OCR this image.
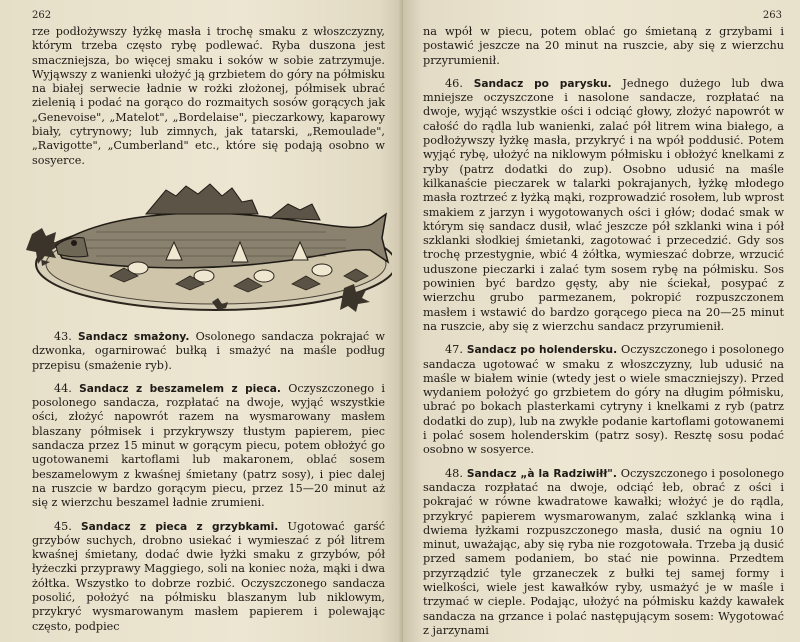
262

rze podłożywszy łyżkę masła i trochę smaku z włoszczyzny, którym trzeba często rybę podlewać. Ryba duszona jest smaczniejsza, bo więcej smaku i soków w sobie zatrzymuje. Wyjąwszy z wanienki ułożyć ją grzbietem do góry na półmisku na białej serwecie ładnie w rożki złożonej, półmisek ubrać zielenią i podać na gorąco do rozmaitych sosów gorących jak „Genevoise", „Matelot", „Bordelaise", pieczarkowy, kaparowy biały, cytrynowy; lub zimnych, jak tatarski, „Remoulade", „Ravigotte", „Cumberland" etc., które się podają osobno w sosyerce.

43. Sandacz smażony. Osolonego sandacza pokrajać w dzwonka, ogarnirować bułką i smażyć na maśle podług przepisu (smażenie ryb).

44. Sandacz z beszamelem z pieca. Oczyszczonego i posolonego sandacza, rozpłatać na dwoje, wyjąć wszystkie ości, złożyć napowrót razem na wysmarowany masłem blaszany półmisek i przykrywszy tłustym papierem, piec sandacza przez 15 minut w gorącym piecu, potem obłożyć go ugotowanemi kartoflami lub makaronem, oblać sosem beszamelowym z kwaśnej śmietany (patrz sosy), i piec dalej na ruszcie w bardzo gorącym piecu, przez 15—20 minut aż się z wierzchu beszamel ładnie zrumieni.

45. Sandacz z pieca z grzybkami. Ugotować garść grzybów suchych, drobno usiekać i wymieszać z pół litrem kwaśnej śmietany, dodać dwie łyżki smaku z grzybów, pół łyżeczki przyprawy Maggiego, soli na koniec noża, mąki i dwa żółtka. Wszystko to dobrze rozbić. Oczyszczonego sandacza posolić, położyć na półmisku blaszanym lub niklowym, przykryć wysmarowanym masłem papierem i polewając często, podpiec

263

na wpół w piecu, potem oblać go śmietaną z grzybami i postawić jeszcze na 20 minut na ruszcie, aby się z wierzchu przyrumienił.

46. Sandacz po parysku. Jednego dużego lub dwa mniejsze oczyszczone i nasolone sandacze, rozpłatać na dwoje, wyjąć wszystkie ości i odciąć głowy, złożyć napowrót w całość do rądla lub wanienki, zalać pół litrem wina białego, a podłożywszy łyżkę masła, przykryć i na wpół poddusić. Potem wyjąć rybę, ułożyć na niklowym półmisku i obłożyć knelkami z ryby (patrz dodatki do zup). Osobno udusić na maśle kilkanaście pieczarek w talarki pokrajanych, łyżkę młodego masła roztrzeć z łyżką mąki, rozprowadzić rosołem, lub wprost smakiem z jarzyn i wygotowanych ości i głów; dodać smak w którym się sandacz dusił, wlać jeszcze pół szklanki wina i pół szklanki słodkiej śmietanki, zagotować i przecedzić. Gdy sos trochę przestygnie, wbić 4 żółtka, wymieszać dobrze, wrzucić uduszone pieczarki i zalać tym sosem rybę na półmisku. Sos powinien być bardzo gęsty, aby nie ściekał, posypać z wierzchu grubo parmezanem, pokropić rozpuszczonem masłem i wstawić do bardzo gorącego pieca na 20—25 minut na ruszcie, aby się z wierzchu sandacz przyrumienił.

47. Sandacz po holendersku. Oczyszczonego i posolonego sandacza ugotować w smaku z włoszczyzny, lub udusić na maśle w białem winie (wtedy jest o wiele smaczniejszy). Przed wydaniem położyć go grzbietem do góry na długim półmisku, ubrać po bokach plasterkami cytryny i knelkami z ryb (patrz dodatki do zup), lub na zwykłe podanie kartoflami gotowanemi i polać sosem holenderskim (patrz sosy). Resztę sosu podać osobno w sosyerce.

48. Sandacz „à la Radziwiłł". Oczyszczonego i posolonego sandacza rozpłatać na dwoje, odciąć łeb, obrać z ości i pokrajać w równe kwadratowe kawałki; włożyć je do rądla, przykryć papierem wysmarowanym, zalać szklanką wina i dwiema łyżkami rozpuszczonego masła, dusić na ogniu 10 minut, uważając, aby się ryba nie rozgotowała. Trzeba ją dusić przed samem podaniem, bo stać nie powinna. Przedtem przyrządzić tyle grzaneczek z bułki tej samej formy i wielkości, wiele jest kawałków ryby, usmażyć je w maśle i trzymać w cieple. Podając, ułożyć na półmisku każdy kawałek sandacza na grzance i polać następującym sosem: Wygotować z jarzynami
